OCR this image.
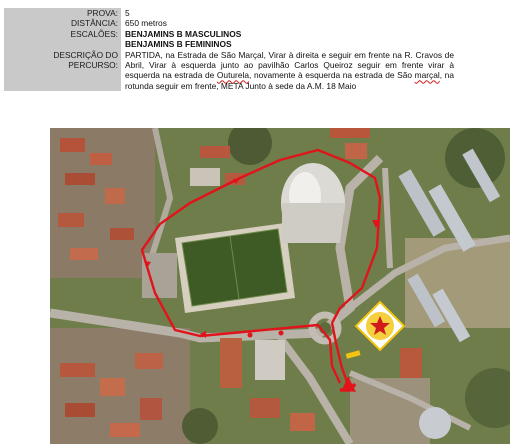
PROVA:	5
DISTÂNCIA:	650 metros
ESCALÕES:	BENJAMINS B MASCULINOS
BENJAMINS B FEMININOS

DESCRIÇÃO DO PERCURSO:	PARTIDA, na Estrada de São Marçal, Virar à direita e seguir em frente na R. Cravos de Abril, Virar à esquerda junto ao pavilhão Carlos Queiroz seguir em frente virar à esquerda na estrada de Outurela, novamente à esquerda na estrada de São marçal, na rotunda seguir em frente, META Junto à sede da A.M. 18 Maio
